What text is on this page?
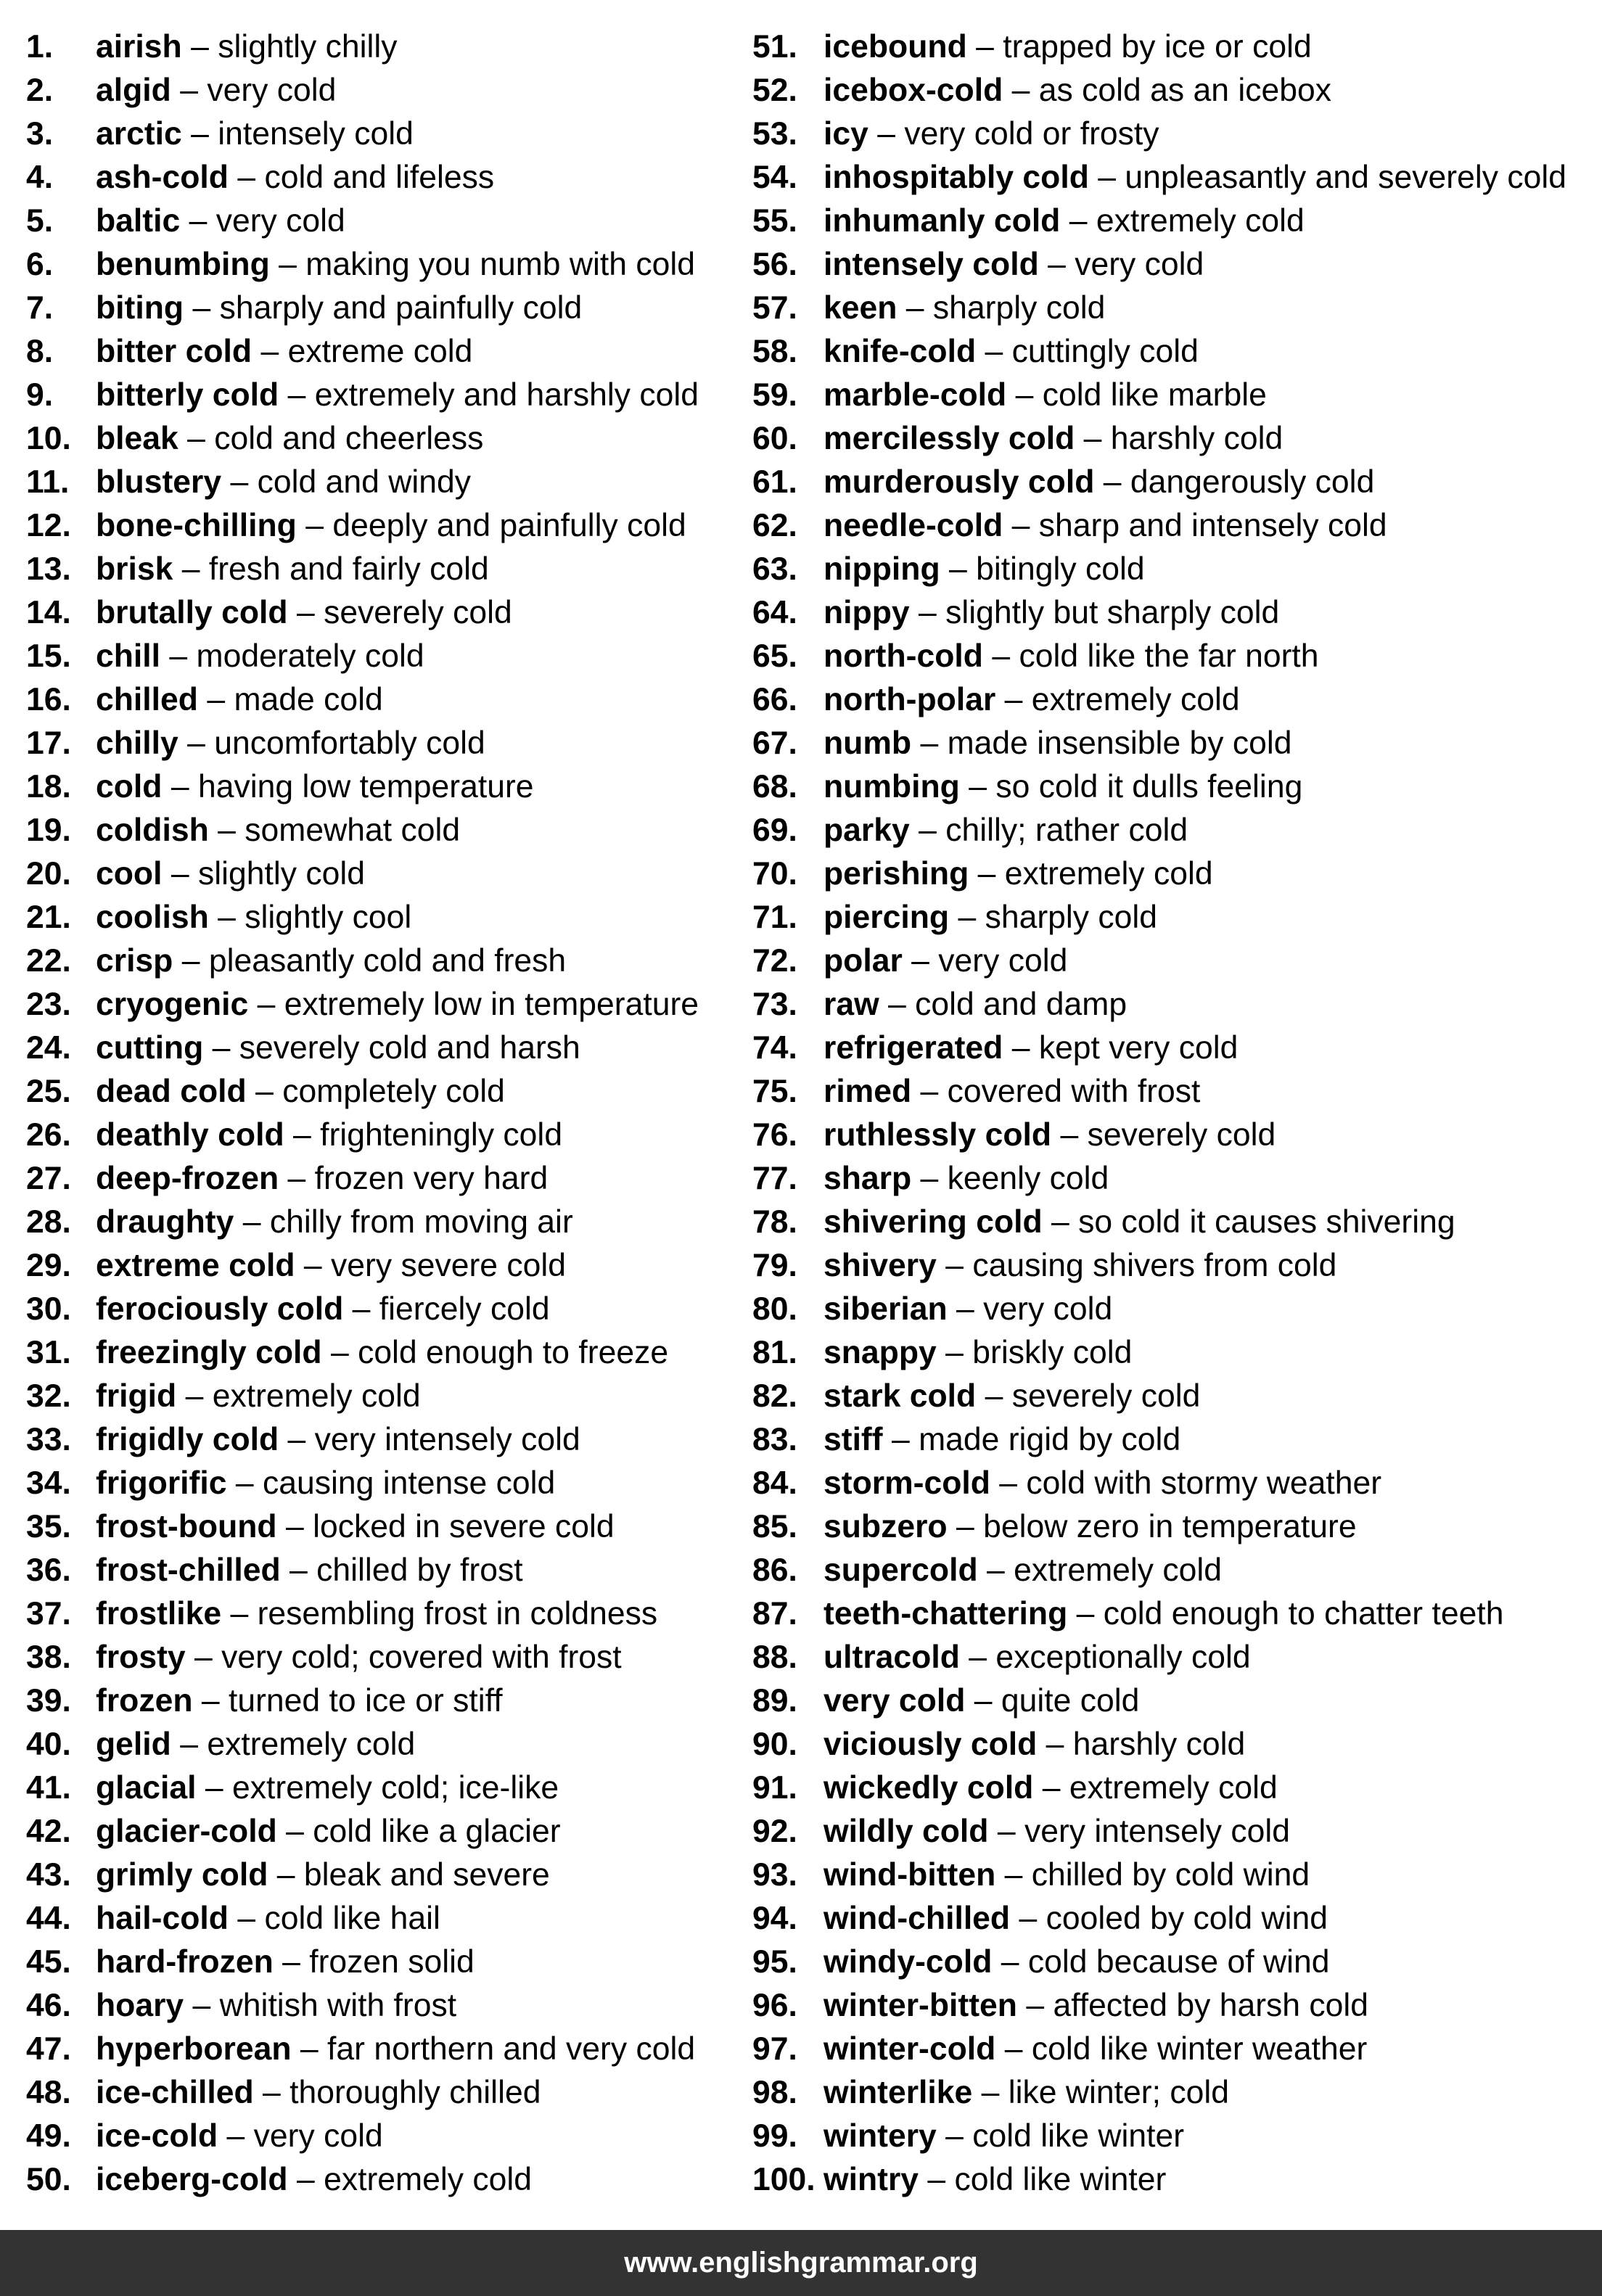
1. airish – slightly chilly
2. algid – very cold
3. arctic – intensely cold
4. ash-cold – cold and lifeless
5. baltic – very cold
6. benumbing – making you numb with cold
7. biting – sharply and painfully cold
8. bitter cold – extreme cold
9. bitterly cold – extremely and harshly cold
10. bleak – cold and cheerless
11. blustery – cold and windy
12. bone-chilling – deeply and painfully cold
13. brisk – fresh and fairly cold
14. brutally cold – severely cold
15. chill – moderately cold
16. chilled – made cold
17. chilly – uncomfortably cold
18. cold – having low temperature
19. coldish – somewhat cold
20. cool – slightly cold
21. coolish – slightly cool
22. crisp – pleasantly cold and fresh
23. cryogenic – extremely low in temperature
24. cutting – severely cold and harsh
25. dead cold – completely cold
26. deathly cold – frighteningly cold
27. deep-frozen – frozen very hard
28. draughty – chilly from moving air
29. extreme cold – very severe cold
30. ferociously cold – fiercely cold
31. freezingly cold – cold enough to freeze
32. frigid – extremely cold
33. frigidly cold – very intensely cold
34. frigorific – causing intense cold
35. frost-bound – locked in severe cold
36. frost-chilled – chilled by frost
37. frostlike – resembling frost in coldness
38. frosty – very cold; covered with frost
39. frozen – turned to ice or stiff
40. gelid – extremely cold
41. glacial – extremely cold; ice-like
42. glacier-cold – cold like a glacier
43. grimly cold – bleak and severe
44. hail-cold – cold like hail
45. hard-frozen – frozen solid
46. hoary – whitish with frost
47. hyperborean – far northern and very cold
48. ice-chilled – thoroughly chilled
49. ice-cold – very cold
50. iceberg-cold – extremely cold
51. icebound – trapped by ice or cold
52. icebox-cold – as cold as an icebox
53. icy – very cold or frosty
54. inhospitably cold – unpleasantly and severely cold
55. inhumanly cold – extremely cold
56. intensely cold – very cold
57. keen – sharply cold
58. knife-cold – cuttingly cold
59. marble-cold – cold like marble
60. mercilessly cold – harshly cold
61. murderously cold – dangerously cold
62. needle-cold – sharp and intensely cold
63. nipping – bitingly cold
64. nippy – slightly but sharply cold
65. north-cold – cold like the far north
66. north-polar – extremely cold
67. numb – made insensible by cold
68. numbing – so cold it dulls feeling
69. parky – chilly; rather cold
70. perishing – extremely cold
71. piercing – sharply cold
72. polar – very cold
73. raw – cold and damp
74. refrigerated – kept very cold
75. rimed – covered with frost
76. ruthlessly cold – severely cold
77. sharp – keenly cold
78. shivering cold – so cold it causes shivering
79. shivery – causing shivers from cold
80. siberian – very cold
81. snappy – briskly cold
82. stark cold – severely cold
83. stiff – made rigid by cold
84. storm-cold – cold with stormy weather
85. subzero – below zero in temperature
86. supercold – extremely cold
87. teeth-chattering – cold enough to chatter teeth
88. ultracold – exceptionally cold
89. very cold – quite cold
90. viciously cold – harshly cold
91. wickedly cold – extremely cold
92. wildly cold – very intensely cold
93. wind-bitten – chilled by cold wind
94. wind-chilled – cooled by cold wind
95. windy-cold – cold because of wind
96. winter-bitten – affected by harsh cold
97. winter-cold – cold like winter weather
98. winterlike – like winter; cold
99. wintery – cold like winter
100. wintry – cold like winter
www.englishgrammar.org
